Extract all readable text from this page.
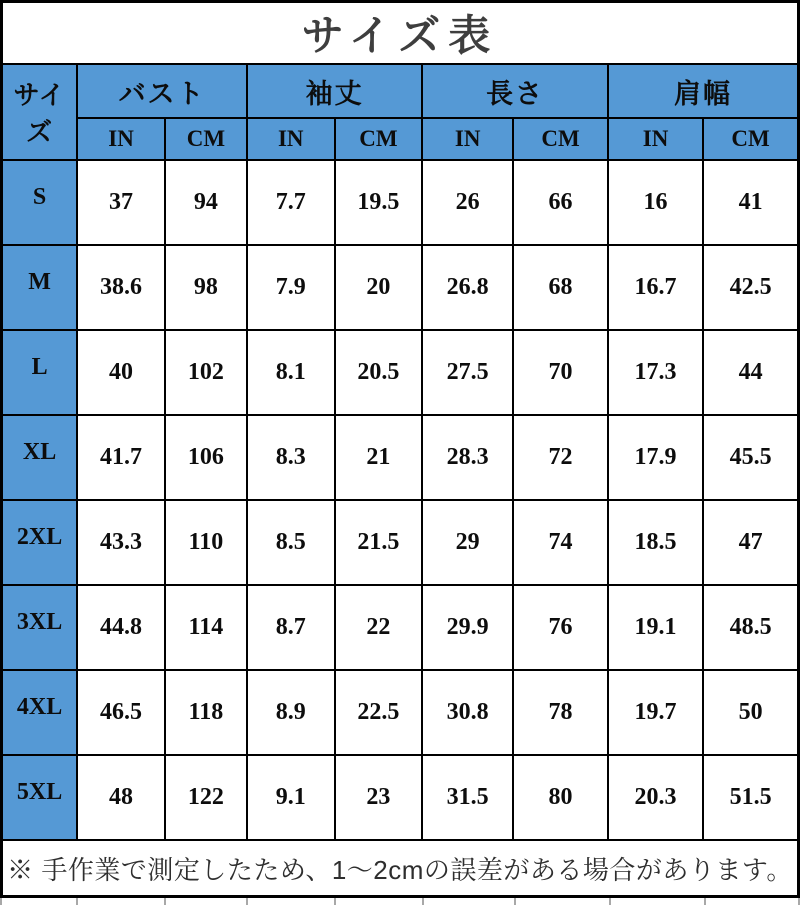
サイズ表								
サイズ	バスト		袖丈		長さ		肩幅	
	IN	CM	IN	CM	IN	CM	IN	CM
S	37	94	7.7	19.5	26	66	16	41
M	38.6	98	7.9	20	26.8	68	16.7	42.5
L	40	102	8.1	20.5	27.5	70	17.3	44
XL	41.7	106	8.3	21	28.3	72	17.9	45.5
2XL	43.3	110	8.5	21.5	29	74	18.5	47
3XL	44.8	114	8.7	22	29.9	76	19.1	48.5
4XL	46.5	118	8.9	22.5	30.8	78	19.7	50
5XL	48	122	9.1	23	31.5	80	20.3	51.5
※ 手作業で測定したため、1〜2cmの誤差がある場合があります。								
